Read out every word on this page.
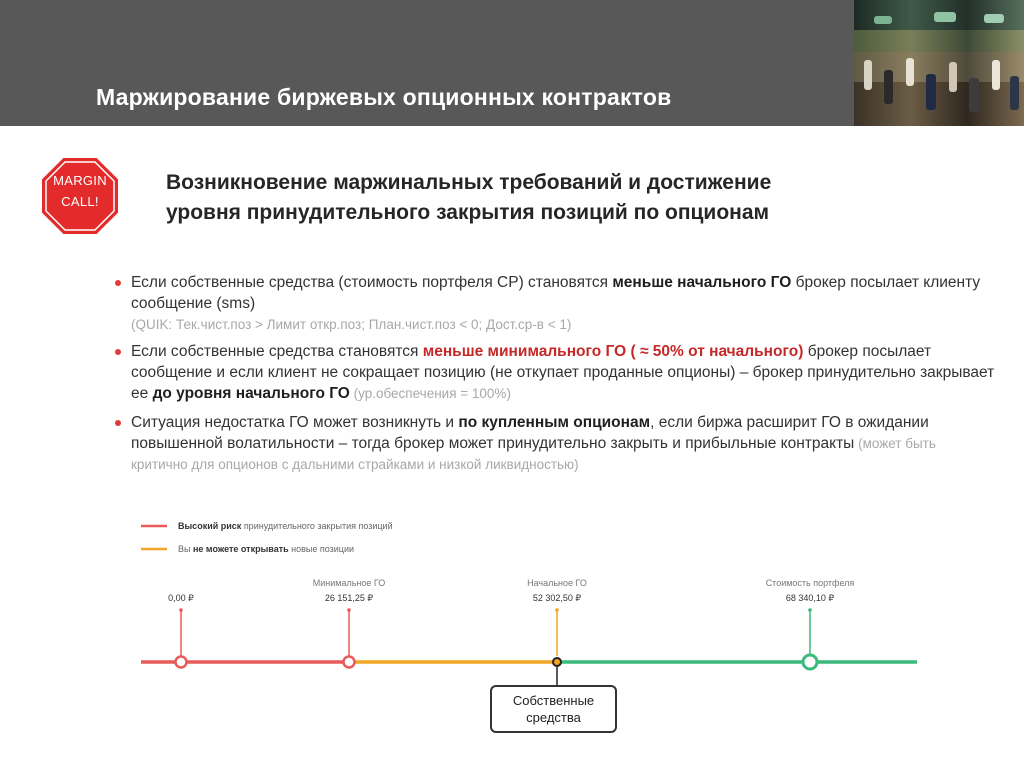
Маржирование биржевых опционных контрактов
MARGIN
CALL!
Возникновение маржинальных требований и достижение
уровня принудительного закрытия позиций по опционам
Если собственные средства (стоимость портфеля СР) становятся меньше начального ГО брокер посылает клиенту сообщение (sms)
(QUIK: Тек.чист.поз > Лимит откр.поз; План.чист.поз < 0; Дост.ср-в < 1)
Если собственные средства становятся меньше минимального ГО ( ≈ 50% от начального) брокер посылает сообщение и если клиент не сокращает позицию (не откупает проданные опционы) – брокер принудительно закрывает ее до уровня начального ГО (ур.обеспечения = 100%)
Ситуация недостатка ГО может возникнуть и по купленным опционам, если биржа расширит ГО в ожидании повышенной волатильности – тогда брокер может принудительно закрыть и прибыльные контракты (может быть критично для опционов с дальними страйками и низкой ликвидностью)
Высокий риск принудительного закрытия позиций
Вы не можете открывать новые позиции
0,00 ₽
Минимальное ГО
26 151,25 ₽
Начальное ГО
52 302,50 ₽
Стоимость портфеля
68 340,10 ₽
Собственные
средства
